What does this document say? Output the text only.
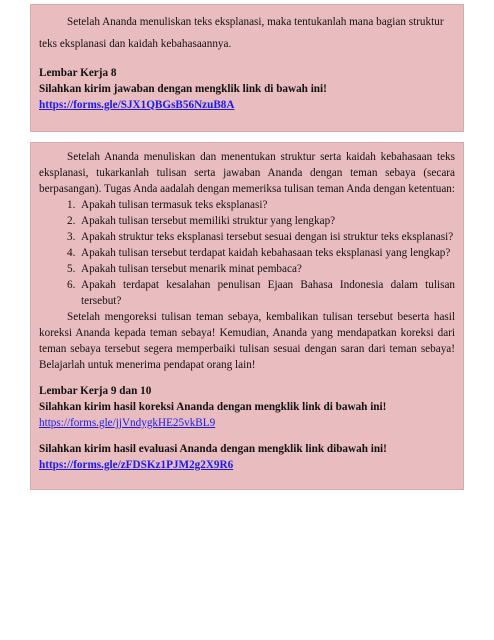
Setelah Ananda menuliskan teks eksplanasi, maka tentukanlah mana bagian struktur

teks eksplanasi dan kaidah kebahasaannya.

Lembar Kerja 8

Silahkan kirim jawaban dengan mengklik link di bawah ini!

https://forms.gle/SJX1QBGsB56NzuB8A

Setelah Ananda menuliskan dan menentukan struktur serta kaidah kebahasaan teks eksplanasi, tukarkanlah tulisan serta jawaban Ananda dengan teman sebaya (secara berpasangan). Tugas Anda aadalah dengan memeriksa tulisan teman Anda dengan ketentuan:

1. Apakah tulisan termasuk teks eksplanasi?
2. Apakah tulisan tersebut memiliki struktur yang lengkap?
3. Apakah struktur teks eksplanasi tersebut sesuai dengan isi struktur teks eksplanasi?
4. Apakah tulisan tersebut terdapat kaidah kebahasaan teks eksplanasi yang lengkap?
5. Apakah tulisan tersebut menarik minat pembaca?
6. Apakah terdapat kesalahan penulisan Ejaan Bahasa Indonesia dalam tulisan tersebut?

Setelah mengoreksi tulisan teman sebaya, kembalikan tulisan tersebut beserta hasil koreksi Ananda kepada teman sebaya! Kemudian, Ananda yang mendapatkan koreksi dari teman sebaya tersebut segera memperbaiki tulisan sesuai dengan saran dari teman sebaya! Belajarlah untuk menerima pendapat orang lain!

Lembar Kerja 9 dan 10

Silahkan kirim hasil koreksi Ananda dengan mengklik link di bawah ini!

https://forms.gle/jjVndygkHE25vkBL9

Silahkan kirim hasil evaluasi Ananda dengan mengklik link dibawah ini!

https://forms.gle/zFDSKz1PJM2g2X9R6
